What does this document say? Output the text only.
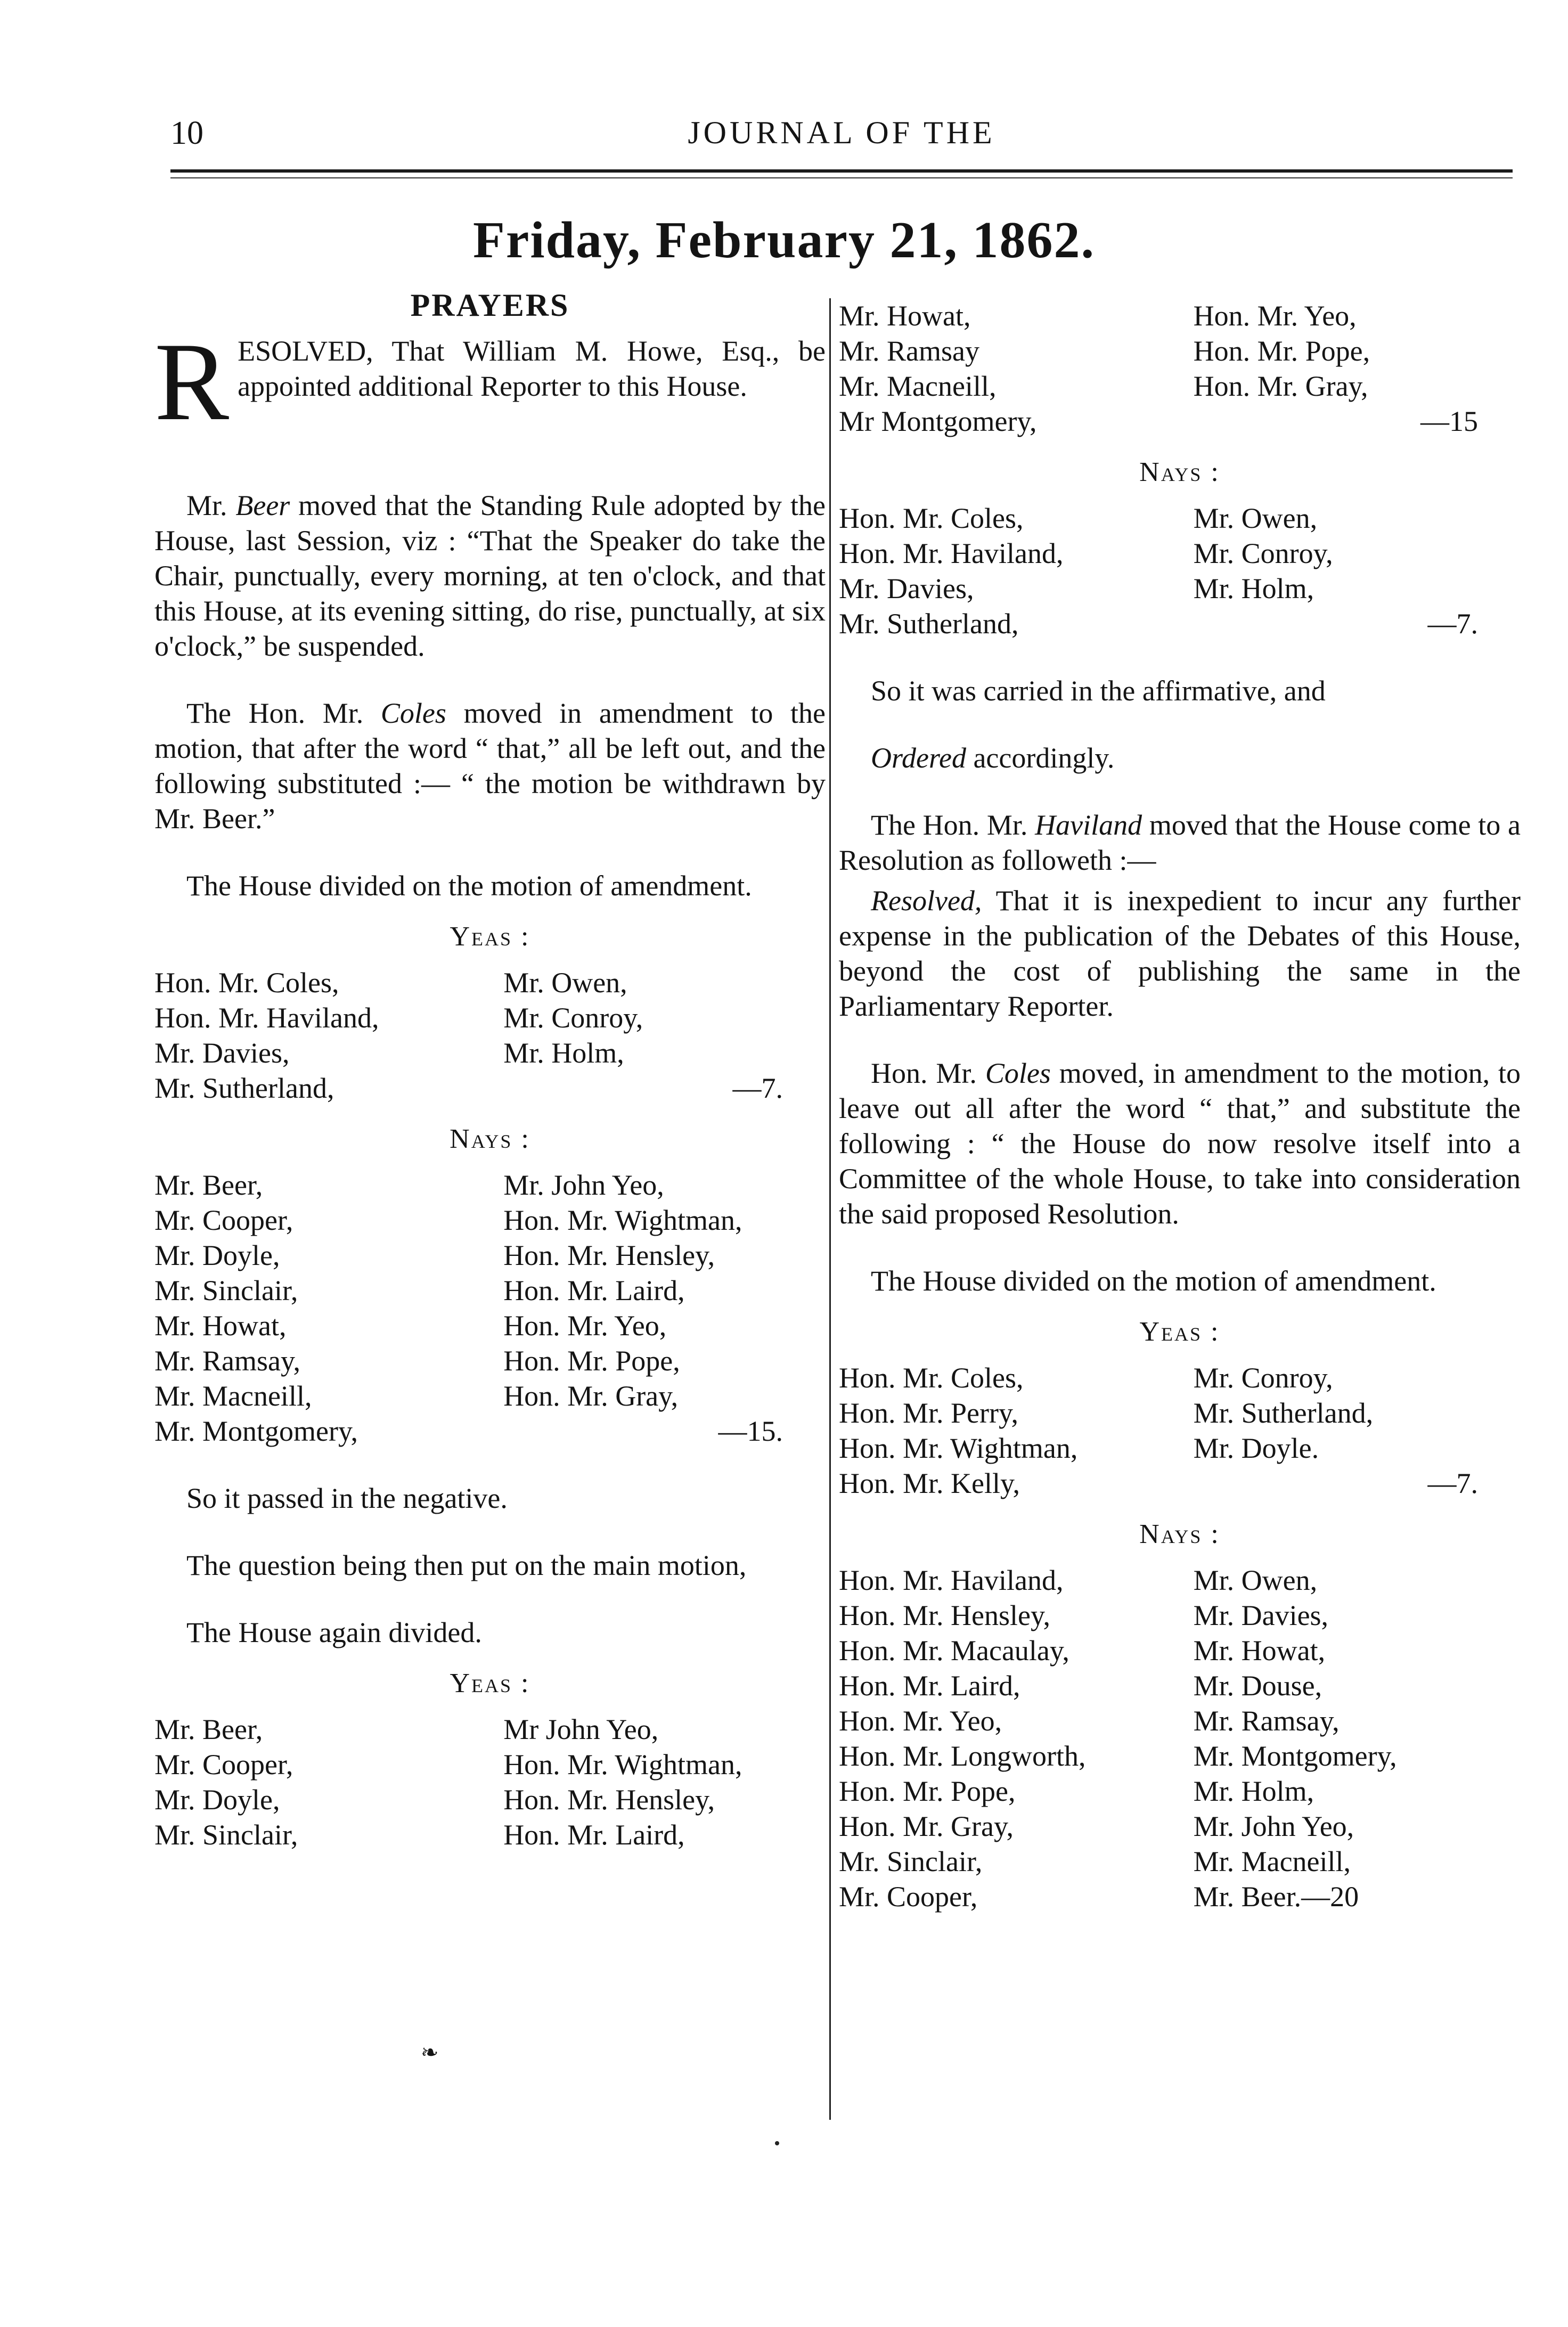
10	JOURNAL OF THE
Friday, February 21, 1862.
PRAYERS

RESOLVED, That William M. Howe, Esq., be appointed additional Reporter to this House.

Mr. Beer moved that the Standing Rule adopted by the House, last Session, viz : “That the Speaker do take the Chair, punctually, every morning, at ten o'clock, and that this House, at its evening sitting, do rise, punctually, at six o'clock,” be suspended.

The Hon. Mr. Coles moved in amendment to the motion, that after the word “ that,” all be left out, and the following substituted :— “ the motion be withdrawn by Mr. Beer.”

The House divided on the motion of amendment.

Yeas :
Hon. Mr. Coles,	Mr. Owen,
Hon. Mr. Haviland,	Mr. Conroy,
Mr. Davies,	Mr. Holm,
Mr. Sutherland,	—7.
Nays :
Mr. Beer,	Mr. John Yeo,
Mr. Cooper,	Hon. Mr. Wightman,
Mr. Doyle,	Hon. Mr. Hensley,
Mr. Sinclair,	Hon. Mr. Laird,
Mr. Howat,	Hon. Mr. Yeo,
Mr. Ramsay,	Hon. Mr. Pope,
Mr. Macneill,	Hon. Mr. Gray,
Mr. Montgomery,	—15.

So it passed in the negative.

The question being then put on the main motion,

The House again divided.

Yeas :
Mr. Beer,	Mr John Yeo,
Mr. Cooper,	Hon. Mr. Wightman,
Mr. Doyle,	Hon. Mr. Hensley,
Mr. Sinclair,	Hon. Mr. Laird,
Mr. Howat,	Hon. Mr. Yeo,
Mr. Ramsay	Hon. Mr. Pope,
Mr. Macneill,	Hon. Mr. Gray,
Mr Montgomery,	—15
Nays :
Hon. Mr. Coles,	Mr. Owen,
Hon. Mr. Haviland,	Mr. Conroy,
Mr. Davies,	Mr. Holm,
Mr. Sutherland,	—7.

So it was carried in the affirmative, and

Ordered accordingly.

The Hon. Mr. Haviland moved that the House come to a Resolution as followeth :—

Resolved, That it is inexpedient to incur any further expense in the publication of the Debates of this House, beyond the cost of publishing the same in the Parliamentary Reporter.

Hon. Mr. Coles moved, in amendment to the motion, to leave out all after the word “ that,” and substitute the following : “ the House do now resolve itself into a Committee of the whole House, to take into consideration the said proposed Resolution.

The House divided on the motion of amendment.

Yeas :
Hon. Mr. Coles,	Mr. Conroy,
Hon. Mr. Perry,	Mr. Sutherland,
Hon. Mr. Wightman,	Mr. Doyle.
Hon. Mr. Kelly,	—7.
Nays :
Hon. Mr. Haviland,	Mr. Owen,
Hon. Mr. Hensley,	Mr. Davies,
Hon. Mr. Macaulay,	Mr. Howat,
Hon. Mr. Laird,	Mr. Douse,
Hon. Mr. Yeo,	Mr. Ramsay,
Hon. Mr. Longworth,	Mr. Montgomery,
Hon. Mr. Pope,	Mr. Holm,
Hon. Mr. Gray,	Mr. John Yeo,
Mr. Sinclair,	Mr. Macneill,
Mr. Cooper,	Mr. Beer.—20
❧
